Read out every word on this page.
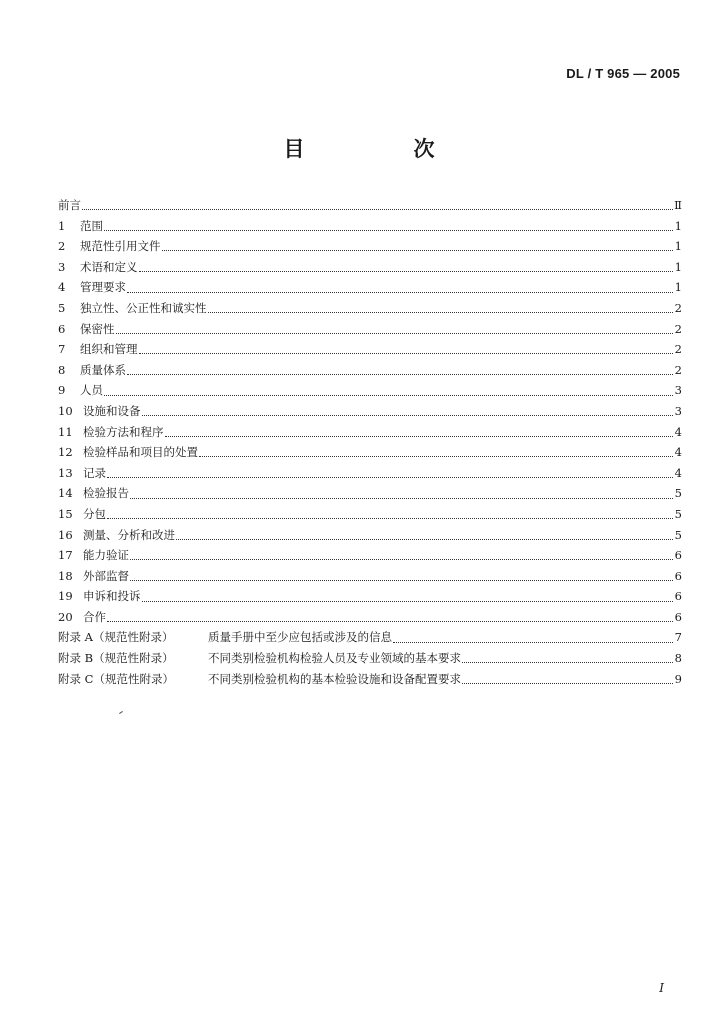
DL / T 965 — 2005
目　次
前言	Ⅱ
1	范围	1
2	规范性引用文件	1
3	术语和定义	1
4	管理要求	1
5	独立性、公正性和诚实性	2
6	保密性	2
7	组织和管理	2
8	质量体系	2
9	人员	3
10 设施和设备	3
11 检验方法和程序	4
12 检验样品和项目的处置	4
13 记录	4
14 检验报告	5
15 分包	5
16 测量、分析和改进	5
17 能力验证	6
18 外部监督	6
19 申诉和投诉	6
20 合作	6
附录 A（规范性附录）	质量手册中至少应包括或涉及的信息	7
附录 B（规范性附录）	不同类别检验机构检验人员及专业领域的基本要求	8
附录 C（规范性附录）	不同类别检验机构的基本检验设施和设备配置要求	9
Ⅰ
